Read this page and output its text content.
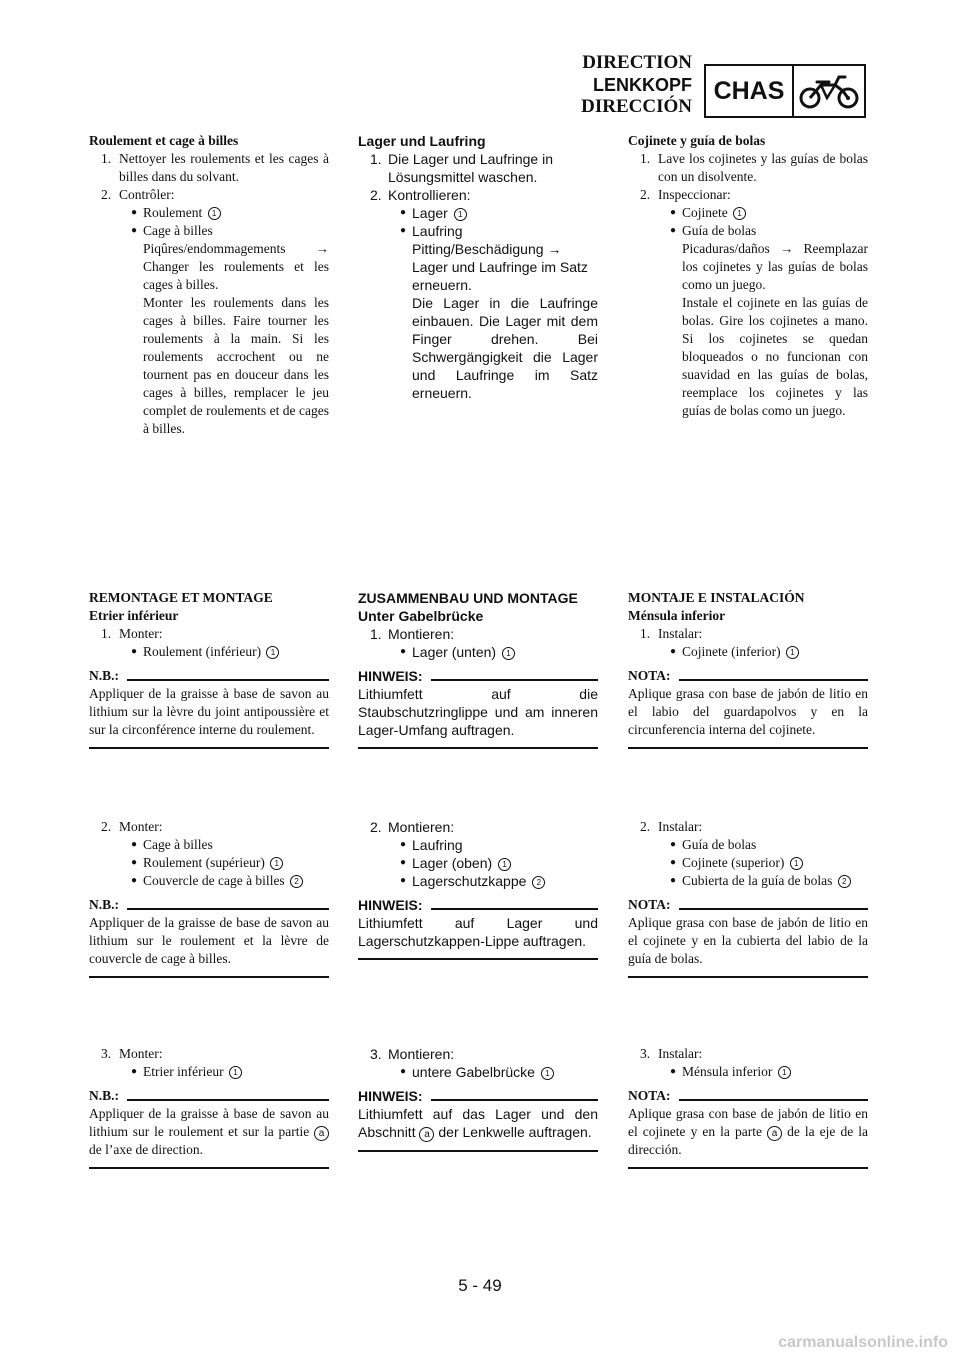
DIRECTION
LENKKOPF
DIRECCIÓN
CHAS
Roulement et cage à billes
1. Nettoyer les roulements et les cages à billes dans du solvant.
2. Contrôler:
● Roulement 1
● Cage à billes
Piqûres/endommagements →
Changer les roulements et les cages à billes.
Monter les roulements dans les cages à billes. Faire tourner les roulements à la main. Si les roulements accrochent ou ne tournent pas en douceur dans les cages à billes, remplacer le jeu complet de roulements et de cages à billes.
REMONTAGE ET MONTAGE
Etrier inférieur
1. Monter:
● Roulement (inférieur) 1
N.B.:
Appliquer de la graisse à base de savon au lithium sur la lèvre du joint antipoussière et sur la circonférence interne du roulement.
2. Monter:
● Cage à billes
● Roulement (supérieur) 1
● Couvercle de cage à billes 2
N.B.:
Appliquer de la graisse de base de savon au lithium sur le roulement et la lèvre de couvercle de cage à billes.
3. Monter:
● Etrier inférieur 1
N.B.:
Appliquer de la graisse à base de savon au lithium sur le roulement et sur la partie a de l’axe de direction.
Lager und Laufring
1. Die Lager und Laufringe in Lösungsmittel waschen.
2. Kontrollieren:
● Lager 1
● Laufring
Pitting/Beschädigung →
Lager und Laufringe im Satz erneuern.
Die Lager in die Laufringe einbauen. Die Lager mit dem Finger drehen. Bei Schwergängigkeit die Lager und Laufringe im Satz erneuern.
ZUSAMMENBAU UND MONTAGE
Unter Gabelbrücke
1. Montieren:
● Lager (unten) 1
HINWEIS:
Lithiumfett auf die Staubschutzringlippe und am inneren Lager-Umfang auftragen.
2. Montieren:
● Laufring
● Lager (oben) 1
● Lagerschutzkappe 2
HINWEIS:
Lithiumfett auf Lager und Lagerschutzkappen-Lippe auftragen.
3. Montieren:
● untere Gabelbrücke 1
HINWEIS:
Lithiumfett auf das Lager und den Abschnitt a der Lenkwelle auftragen.
Cojinete y guía de bolas
1. Lave los cojinetes y las guías de bolas con un disolvente.
2. Inspeccionar:
● Cojinete 1
● Guía de bolas
Picaduras/daños → Reemplazar los cojinetes y las guías de bolas como un juego.
Instale el cojinete en las guías de bolas. Gire los cojinetes a mano. Si los cojinetes se quedan bloqueados o no funcionan con suavidad en las guías de bolas, reemplace los cojinetes y las guías de bolas como un juego.
MONTAJE E INSTALACIÓN
Ménsula inferior
1. Instalar:
● Cojinete (inferior) 1
NOTA:
Aplique grasa con base de jabón de litio en el labio del guardapolvos y en la circunferencia interna del cojinete.
2. Instalar:
● Guía de bolas
● Cojinete (superior) 1
● Cubierta de la guía de bolas 2
NOTA:
Aplique grasa con base de jabón de litio en el cojinete y en la cubierta del labio de la guía de bolas.
3. Instalar:
● Ménsula inferior 1
NOTA:
Aplique grasa con base de jabón de litio en el cojinete y en la parte a de la eje de la dirección.
5 - 49
carmanualsonline.info
